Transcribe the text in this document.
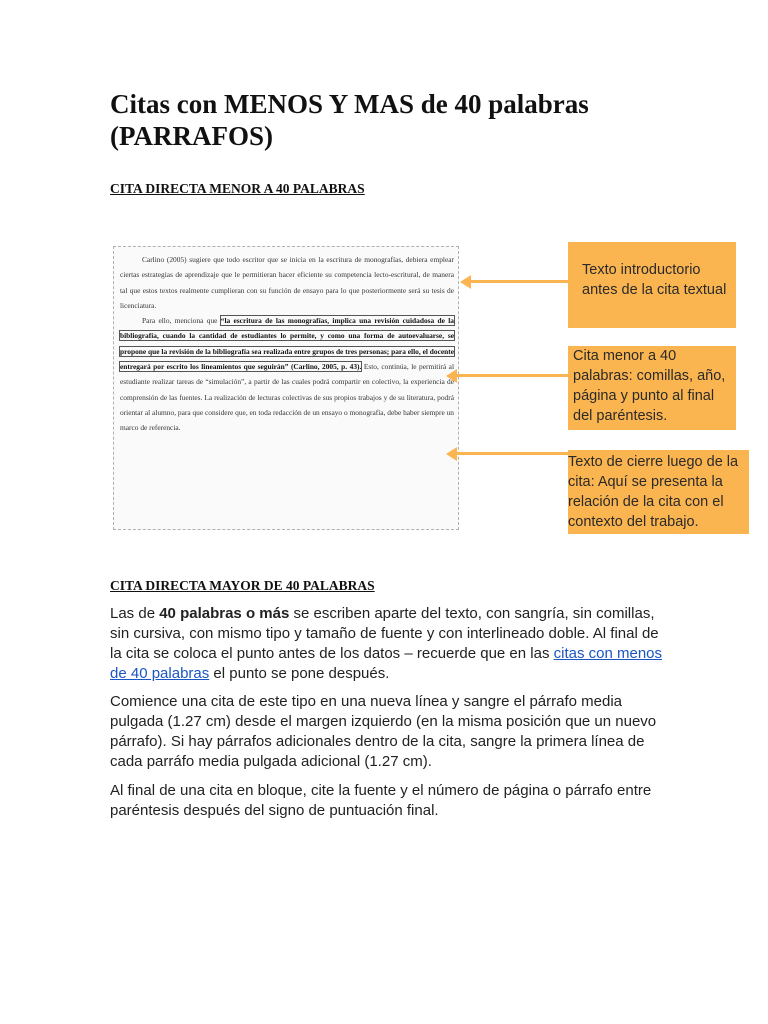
Citas con MENOS Y MAS de 40 palabras (PARRAFOS)
CITA DIRECTA MENOR A 40 PALABRAS

Carlino (2005) sugiere que todo escritor que se inicia en la escritura de monografías, debiera emplear ciertas estrategias de aprendizaje que le permitieran hacer eficiente su competencia lecto-escritural, de manera tal que estos textos realmente cumplieran con su función de ensayo para lo que posteriormente será su tesis de licenciatura.

Para ello, menciona que “la escritura de las monografías, implica una revisión cuidadosa de la bibliografía, cuando la cantidad de estudiantes lo permite, y como una forma de autoevaluarse, se propone que la revisión de la bibliografía sea realizada entre grupos de tres personas; para ello, el docente entregará por escrito los lineamientos que seguirán” (Carlino, 2005, p. 43). Esto, continúa, le permitirá al estudiante realizar tareas de “simulación”, a partir de las cuales podrá compartir en colectivo, la experiencia de comprensión de las fuentes. La realización de lecturas colectivas de sus propios trabajos y de su literatura, podrá orientar al alumno, para que considere que, en toda redacción de un ensayo o monografía, debe haber siempre un marco de referencia.

Texto introductorio antes de la cita textual
Cita menor a 40 palabras: comillas, año, página y punto al final del paréntesis.
Texto de cierre luego de la cita: Aquí se presenta la relación de la cita con el contexto del trabajo.
CITA DIRECTA MAYOR DE 40 PALABRAS

Las de 40 palabras o más se escriben aparte del texto, con sangría, sin comillas, sin cursiva, con mismo tipo y tamaño de fuente y con interlineado doble. Al final de la cita se coloca el punto antes de los datos – recuerde que en las citas con menos de 40 palabras el punto se pone después.

Comience una cita de este tipo en una nueva línea y sangre el párrafo media pulgada (1.27 cm) desde el margen izquierdo (en la misma posición que un nuevo párrafo). Si hay párrafos adicionales dentro de la cita, sangre la primera línea de cada parráfo media pulgada adicional (1.27 cm).

Al final de una cita en bloque, cite la fuente y el número de página o párrafo entre paréntesis después del signo de puntuación final.
